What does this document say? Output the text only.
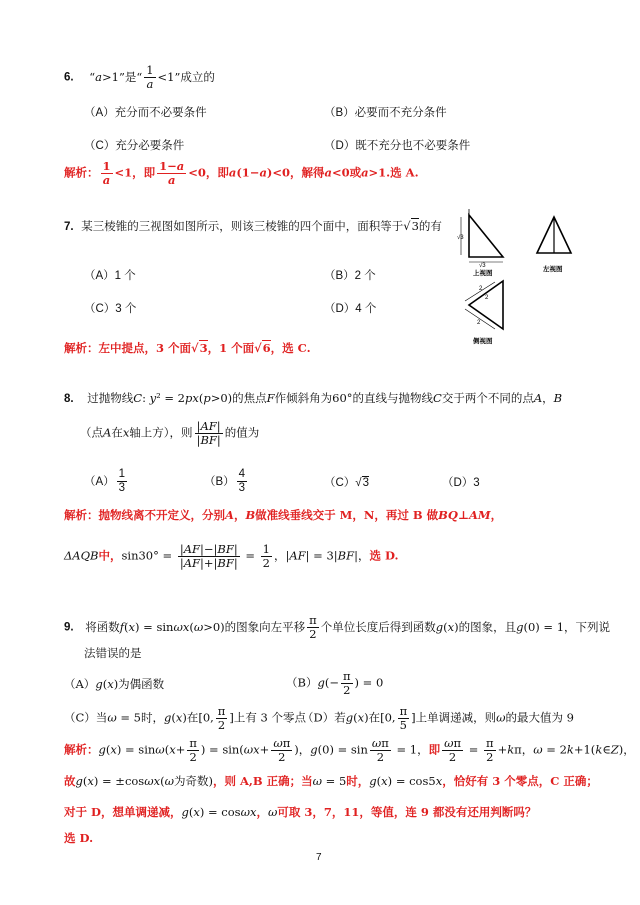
6. “a>1”是“ $\frac{1}{a} <1$”成立的
（A）充分而不必要条件	（B）必要而不充分条件
（C）充分必要条件	（D）既不充分也不必要条件
解析： $\frac{1}{a} <1$，即 $\frac{1-a}{a} <0$，即a(1−a)<0，解得a<0或a>1.选 A.
7. 某三棱锥的三视图如图所示，则该三棱锥的四个面中，面积等于√3的有
（A）1 个	（B）2 个
（C）3 个	（D）4 个
解析：左中提点，3 个面√3，1 个面√6，选 C.
√3
√3
上视图
左视图
2
2
2
侧视图
8. 过抛物线C: y² = 2px(p>0)的焦点F作倾斜角为60°的直线与抛物线C交于两个不同的点A，B
（点A在x轴上方），则 $\frac{|AF|}{|BF|}$ 的值为
$(A) \frac{1}{3}$	$(B) \frac{4}{3}$	（C）√3	（D）3
解析：抛物线离不开定义，分别A，B做准线垂线交于 M，N，再过 B 做BQ⊥AM，
ΔAQB中，$\sin 30^\circ = \frac{|AF|-|BF|}{|AF|+|BF|} = \frac{1}{2}$ ，|AF| = 3|BF|，选 D.
9. 将函数f(x) = sinωx(ω>0)的图象向左平移 $\frac{\pi}{2}$ 个单位长度后得到函数g(x)的图象，且g(0) = 1，下列说
法错误的是
（A）g(x)为偶函数	$(B)g(- \frac{\pi}{2}$ ) = 0
（C）当ω = 5时，g(x)在[0, $\frac{\pi}{2}$ ]上有 3 个零点
（D）若g(x)在[0, $\frac{\pi}{5}$ ]上单调递减，则ω的最大值为 9
解析：$g(x) = \sin\omega(x+ \frac{\pi}{2}$ ) = $\sin(\omega x+ \frac{\omega\pi}{2}$ )，$g(0) = \sin \frac{\omega\pi}{2} = 1$，即 $\frac{\omega\pi}{2} = \frac{\pi}{2} +k\pi$，ω = 2k+1(k∈Z)，
故g(x) = ±cosωx(ω为奇数)，则 A,B 正确；当ω = 5时，g(x) = cos5x，恰好有 3 个零点，C 正确；
对于 D，想单调递减，g(x) = cosωx，ω可取 3，7，11，等值，连 9 都没有还用判断吗？
选 D.
7
